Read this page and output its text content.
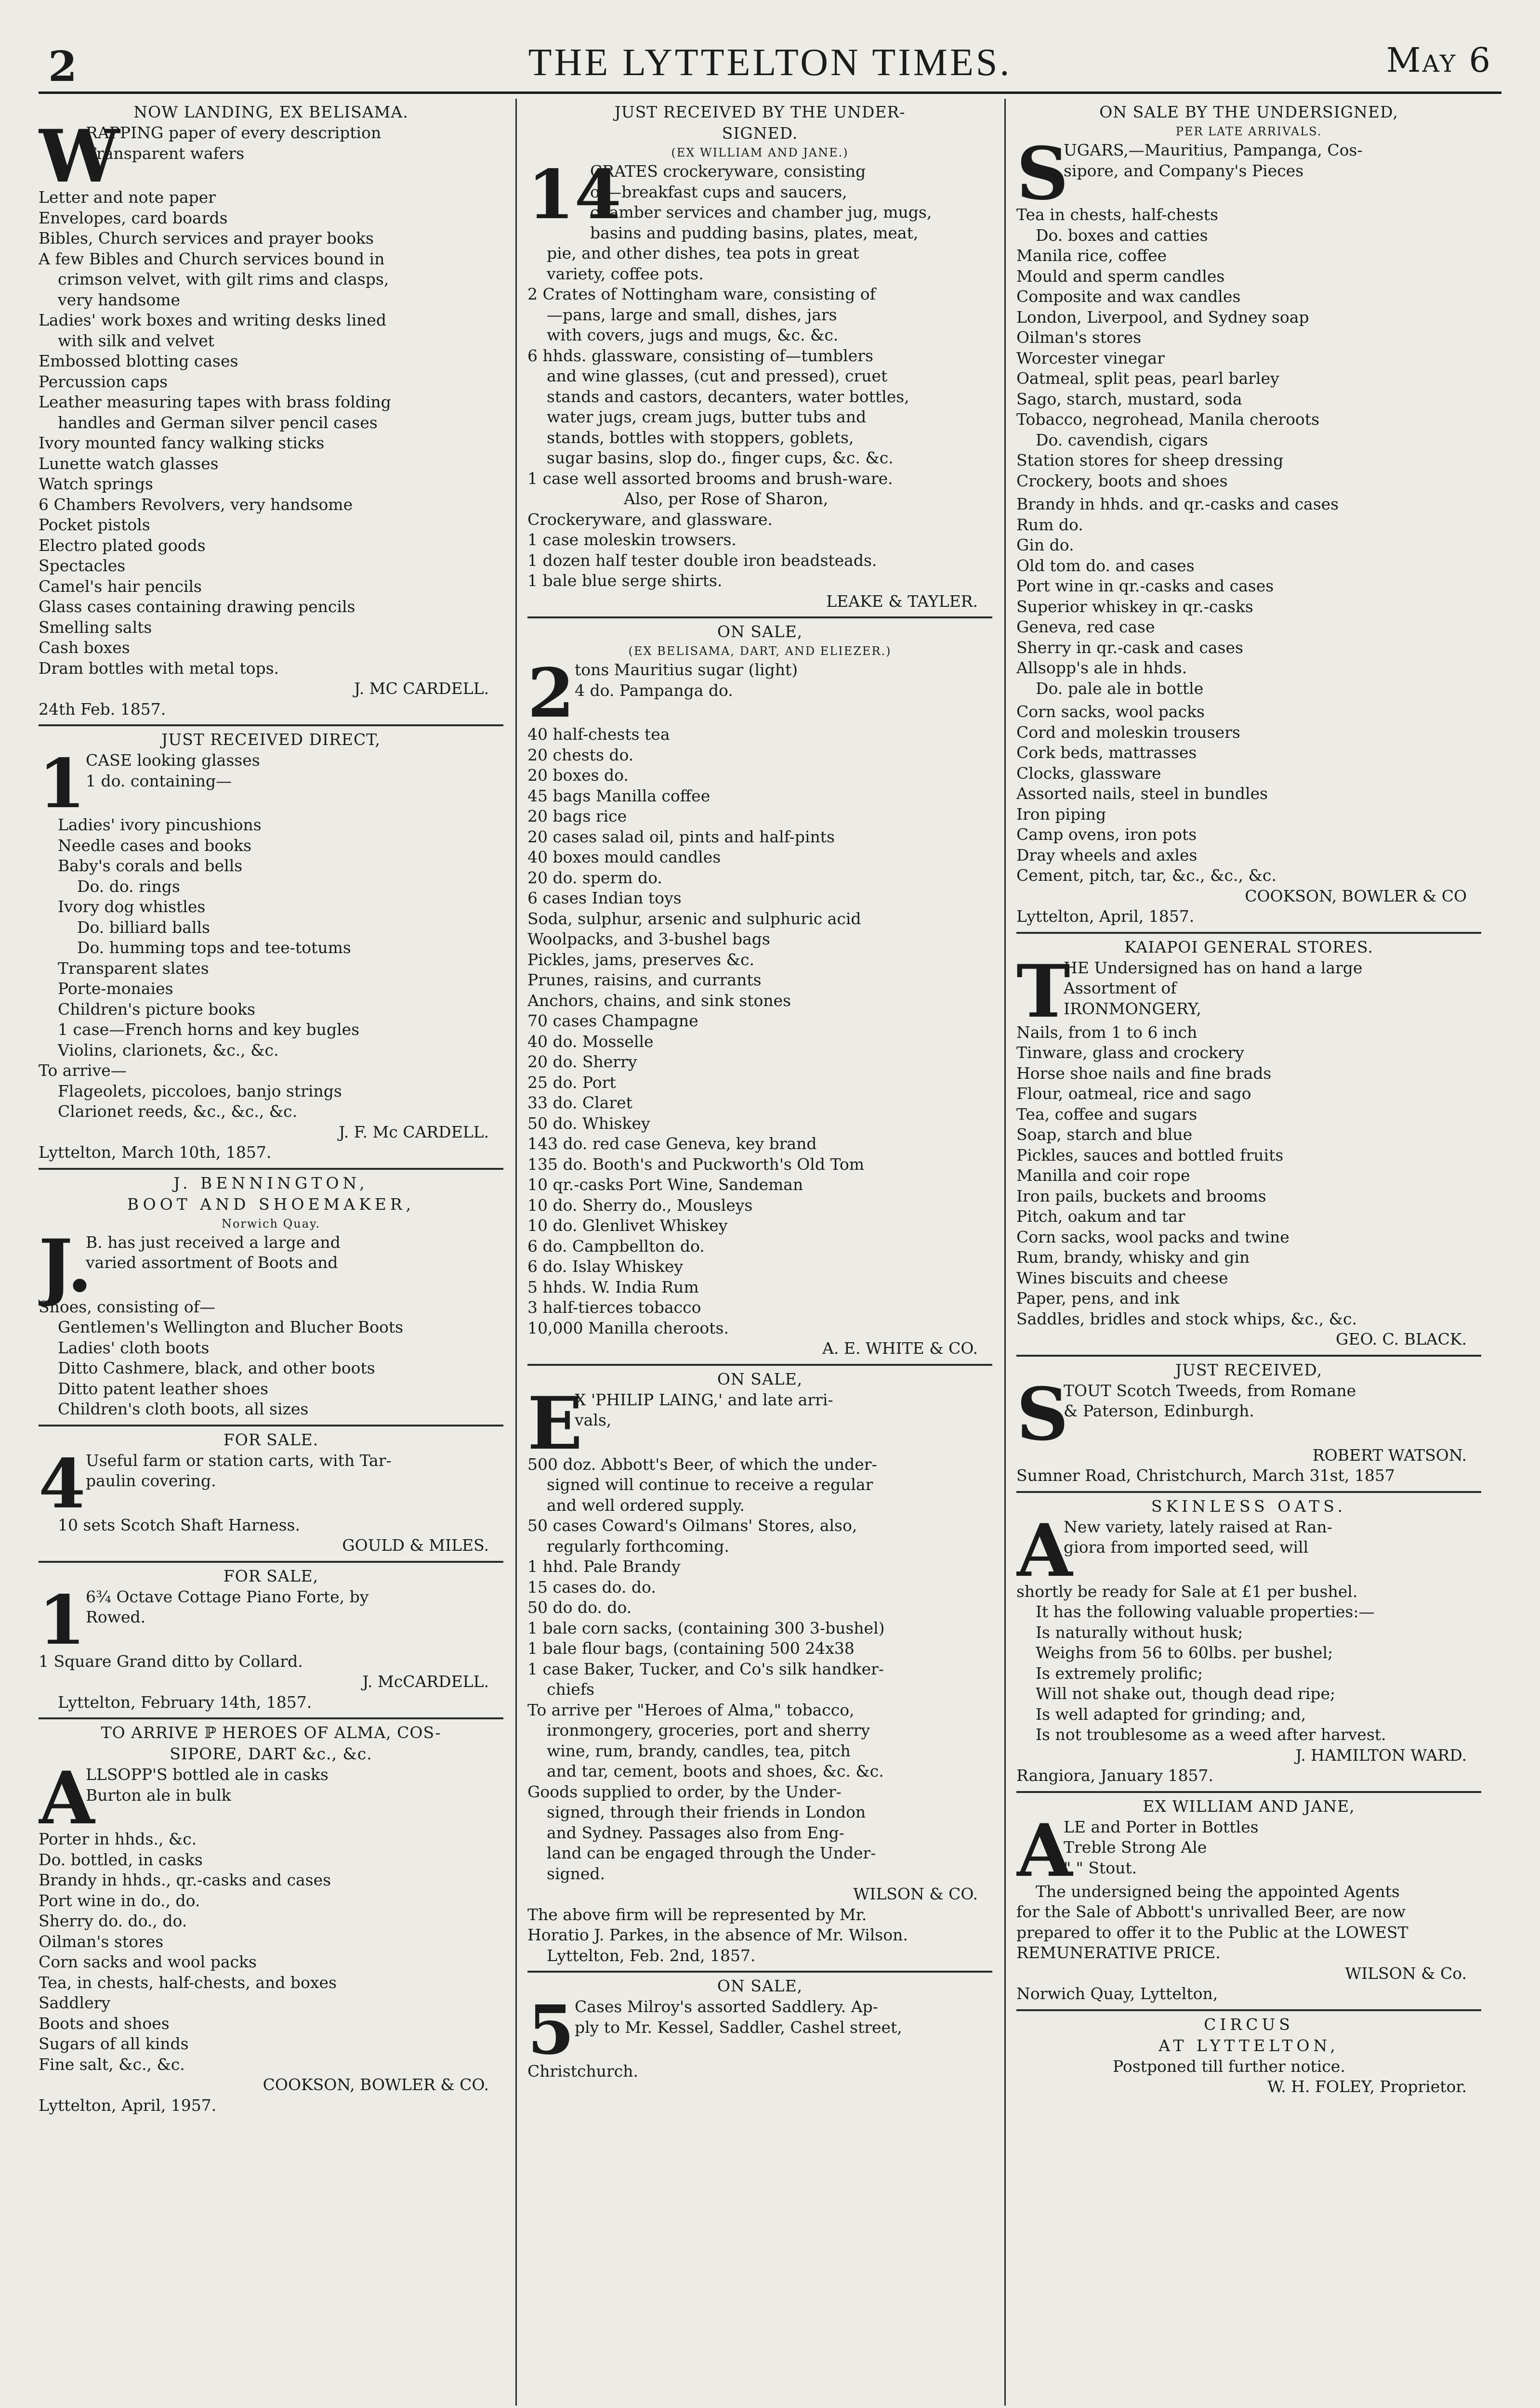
2	THE LYTTELTON TIMES.	May 6
NOW LANDING, EX BELISAMA.
W
RAPPING paper of every description
Transparent wafers
Letter and note paper
Envelopes, card boards
Bibles, Church services and prayer books
A few Bibles and Church services bound in
crimson velvet, with gilt rims and clasps,
very handsome
Ladies' work boxes and writing desks lined
with silk and velvet
Embossed blotting cases
Percussion caps
Leather measuring tapes with brass folding
handles and German silver pencil cases
Ivory mounted fancy walking sticks
Lunette watch glasses
Watch springs
6 Chambers Revolvers, very handsome
Pocket pistols
Electro plated goods
Spectacles
Camel's hair pencils
Glass cases containing drawing pencils
Smelling salts
Cash boxes
Dram bottles with metal tops.
J. MC CARDELL.
24th Feb. 1857.
JUST RECEIVED DIRECT,
1 CASE looking glasses
1 do. containing—
Ladies' ivory pincushions
Needle cases and books
Baby's corals and bells
Do. do. rings
Ivory dog whistles
Do. billiard balls
Do. humming tops and tee-totums
Transparent slates
Porte-monaies
Children's picture books
1 case—French horns and key bugles
Violins, clarionets, &c., &c.
To arrive—
Flageolets, piccoloes, banjo strings
Clarionet reeds, &c., &c., &c.
J. F. Mc CARDELL.
Lyttelton, March 10th, 1857.
J. BENNINGTON,
BOOT AND SHOEMAKER,
Norwich Quay.
J.
B. has just received a large and
varied assortment of Boots and
Shoes, consisting of—
Gentlemen's Wellington and Blucher Boots
Ladies' cloth boots
Ditto Cashmere, black, and other boots
Ditto patent leather shoes
Children's cloth boots, all sizes
FOR SALE.
4 Useful farm or station carts, with Tar-
paulin covering.
10 sets Scotch Shaft Harness.
GOULD & MILES.
FOR SALE,
1 6¾ Octave Cottage Piano Forte, by
Rowed.
1 Square Grand ditto by Collard.
J. McCARDELL.
Lyttelton, February 14th, 1857.
TO ARRIVE ℙ HEROES OF ALMA, COS-
SIPORE, DART &c., &c.
A
LLSOPP'S bottled ale in casks
Burton ale in bulk
Porter in hhds., &c.
Do. bottled, in casks
Brandy in hhds., qr.-casks and cases
Port wine in do., do.
Sherry do. do., do.
Oilman's stores
Corn sacks and wool packs
Tea, in chests, half-chests, and boxes
Saddlery
Boots and shoes
Sugars of all kinds
Fine salt, &c., &c.
COOKSON, BOWLER & CO.
Lyttelton, April, 1957.
JUST RECEIVED BY THE UNDER-
SIGNED.
(EX WILLIAM AND JANE.)
14
CRATES crockeryware, consisting
of—breakfast cups and saucers,
chamber services and chamber jug, mugs,
basins and pudding basins, plates, meat,
pie, and other dishes, tea pots in great
variety, coffee pots.
2 Crates of Nottingham ware, consisting of
—pans, large and small, dishes, jars
with covers, jugs and mugs, &c. &c.
6 hhds. glassware, consisting of—tumblers
and wine glasses, (cut and pressed), cruet
stands and castors, decanters, water bottles,
water jugs, cream jugs, butter tubs and
stands, bottles with stoppers, goblets,
sugar basins, slop do., finger cups, &c. &c.
1 case well assorted brooms and brush-ware.
Also, per Rose of Sharon,
Crockeryware, and glassware.
1 case moleskin trowsers.
1 dozen half tester double iron beadsteads.
1 bale blue serge shirts.
LEAKE & TAYLER.
ON SALE,
(EX BELISAMA, DART, AND ELIEZER.)
2 tons Mauritius sugar (light)
4 do. Pampanga do.
40 half-chests tea
20 chests do.
20 boxes do.
45 bags Manilla coffee
20 bags rice
20 cases salad oil, pints and half-pints
40 boxes mould candles
20 do. sperm do.
6 cases Indian toys
Soda, sulphur, arsenic and sulphuric acid
Woolpacks, and 3-bushel bags
Pickles, jams, preserves &c.
Prunes, raisins, and currants
Anchors, chains, and sink stones
70 cases Champagne
40 do. Mosselle
20 do. Sherry
25 do. Port
33 do. Claret
50 do. Whiskey
143 do. red case Geneva, key brand
135 do. Booth's and Puckworth's Old Tom
10 qr.-casks Port Wine, Sandeman
10 do. Sherry do., Mousleys
10 do. Glenlivet Whiskey
6 do. Campbellton do.
6 do. Islay Whiskey
5 hhds. W. India Rum
3 half-tierces tobacco
10,000 Manilla cheroots.
A. E. WHITE & CO.
ON SALE,
E
X 'PHILIP LAING,' and late arri-
vals,
500 doz. Abbott's Beer, of which the under-
signed will continue to receive a regular
and well ordered supply.
50 cases Coward's Oilmans' Stores, also,
regularly forthcoming.
1 hhd. Pale Brandy
15 cases do. do.
50 do do. do.
1 bale corn sacks, (containing 300 3-bushel)
1 bale flour bags, (containing 500 24x38
1 case Baker, Tucker, and Co's silk handker-
chiefs
To arrive per "Heroes of Alma," tobacco,
ironmongery, groceries, port and sherry
wine, rum, brandy, candles, tea, pitch
and tar, cement, boots and shoes, &c. &c.
Goods supplied to order, by the Under-
signed, through their friends in London
and Sydney. Passages also from Eng-
land can be engaged through the Under-
signed.
WILSON & CO.
The above firm will be represented by Mr.
Horatio J. Parkes, in the absence of Mr. Wilson.
Lyttelton, Feb. 2nd, 1857.
ON SALE,
5 Cases Milroy's assorted Saddlery. Ap-
ply to Mr. Kessel, Saddler, Cashel street,
Christchurch.
ON SALE BY THE UNDERSIGNED,
PER LATE ARRIVALS.
S
UGARS,—Mauritius, Pampanga, Cos-
sipore, and Company's Pieces
Tea in chests, half-chests
Do. boxes and catties
Manila rice, coffee
Mould and sperm candles
Composite and wax candles
London, Liverpool, and Sydney soap
Oilman's stores
Worcester vinegar
Oatmeal, split peas, pearl barley
Sago, starch, mustard, soda
Tobacco, negrohead, Manila cheroots
Do. cavendish, cigars
Station stores for sheep dressing
Crockery, boots and shoes
Brandy in hhds. and qr.-casks and cases
Rum do.
Gin do.
Old tom do. and cases
Port wine in qr.-casks and cases
Superior whiskey in qr.-casks
Geneva, red case
Sherry in qr.-cask and cases
Allsopp's ale in hhds.
Do. pale ale in bottle
Corn sacks, wool packs
Cord and moleskin trousers
Cork beds, mattrasses
Clocks, glassware
Assorted nails, steel in bundles
Iron piping
Camp ovens, iron pots
Dray wheels and axles
Cement, pitch, tar, &c., &c., &c.
COOKSON, BOWLER & CO
Lyttelton, April, 1857.
KAIAPOI GENERAL STORES.
T
HE Undersigned has on hand a large
Assortment of
IRONMONGERY,
Nails, from 1 to 6 inch
Tinware, glass and crockery
Horse shoe nails and fine brads
Flour, oatmeal, rice and sago
Tea, coffee and sugars
Soap, starch and blue
Pickles, sauces and bottled fruits
Manilla and coir rope
Iron pails, buckets and brooms
Pitch, oakum and tar
Corn sacks, wool packs and twine
Rum, brandy, whisky and gin
Wines biscuits and cheese
Paper, pens, and ink
Saddles, bridles and stock whips, &c., &c.
GEO. C. BLACK.
JUST RECEIVED,
S
TOUT Scotch Tweeds, from Romane
& Paterson, Edinburgh.
ROBERT WATSON.
Sumner Road, Christchurch, March 31st, 1857
SKINLESS OATS.
A
New variety, lately raised at Ran-
giora from imported seed, will
shortly be ready for Sale at £1 per bushel.
It has the following valuable properties:—
Is naturally without husk;
Weighs from 56 to 60lbs. per bushel;
Is extremely prolific;
Will not shake out, though dead ripe;
Is well adapted for grinding; and,
Is not troublesome as a weed after harvest.
J. HAMILTON WARD.
Rangiora, January 1857.
EX WILLIAM AND JANE,
A
LE and Porter in Bottles
Treble Strong Ale
" " Stout.
The undersigned being the appointed Agents
for the Sale of Abbott's unrivalled Beer, are now
prepared to offer it to the Public at the LOWEST
REMUNERATIVE PRICE.
WILSON & Co.
Norwich Quay, Lyttelton,
CIRCUS
AT LYTTELTON,
Postponed till further notice.
W. H. FOLEY, Proprietor.
